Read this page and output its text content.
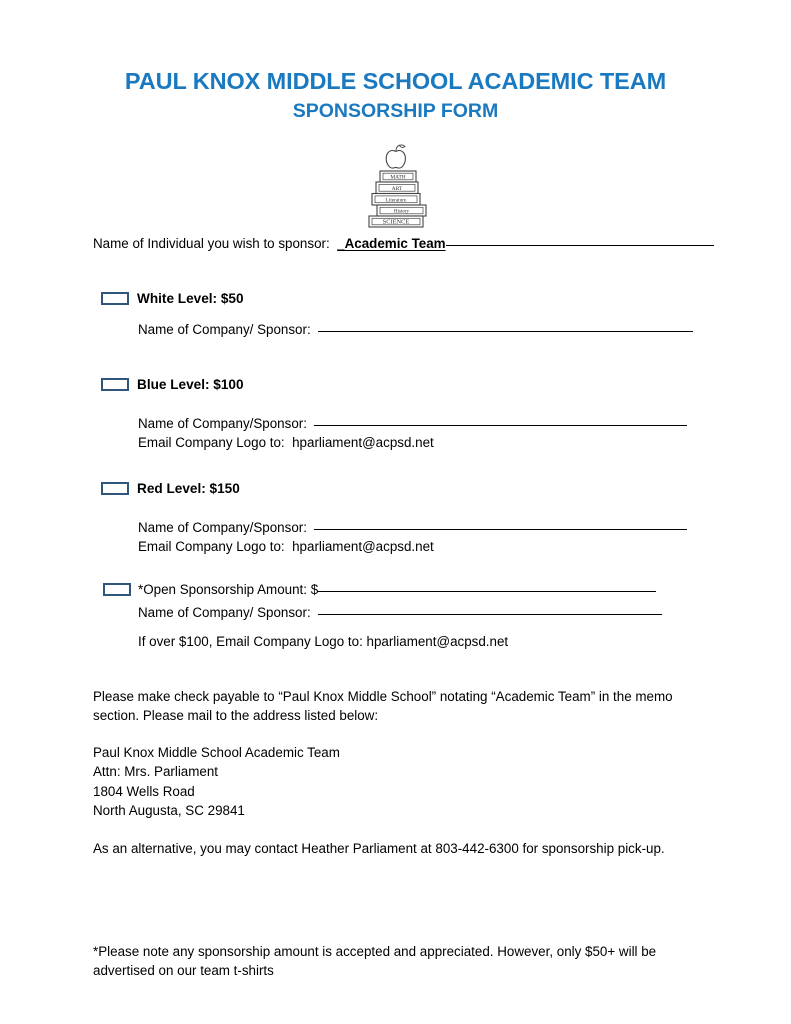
PAUL KNOX MIDDLE SCHOOL ACADEMIC TEAM
SPONSORSHIP FORM
MATH
ART
Literature
History
SCIENCE
Name of Individual you wish to sponsor: _Academic Team
White Level: $50
Name of Company/ Sponsor:
Blue Level: $100
Name of Company/Sponsor:
Email Company Logo to: hparliament@acpsd.net
Red Level: $150
Name of Company/Sponsor:
Email Company Logo to: hparliament@acpsd.net
*Open Sponsorship Amount: $
Name of Company/ Sponsor:
If over $100, Email Company Logo to: hparliament@acpsd.net
Please make check payable to “Paul Knox Middle School” notating “Academic Team” in the memo section. Please mail to the address listed below:
Paul Knox Middle School Academic Team
Attn: Mrs. Parliament
1804 Wells Road
North Augusta, SC 29841
As an alternative, you may contact Heather Parliament at 803-442-6300 for sponsorship pick-up.
*Please note any sponsorship amount is accepted and appreciated. However, only $50+ will be advertised on our team t-shirts
